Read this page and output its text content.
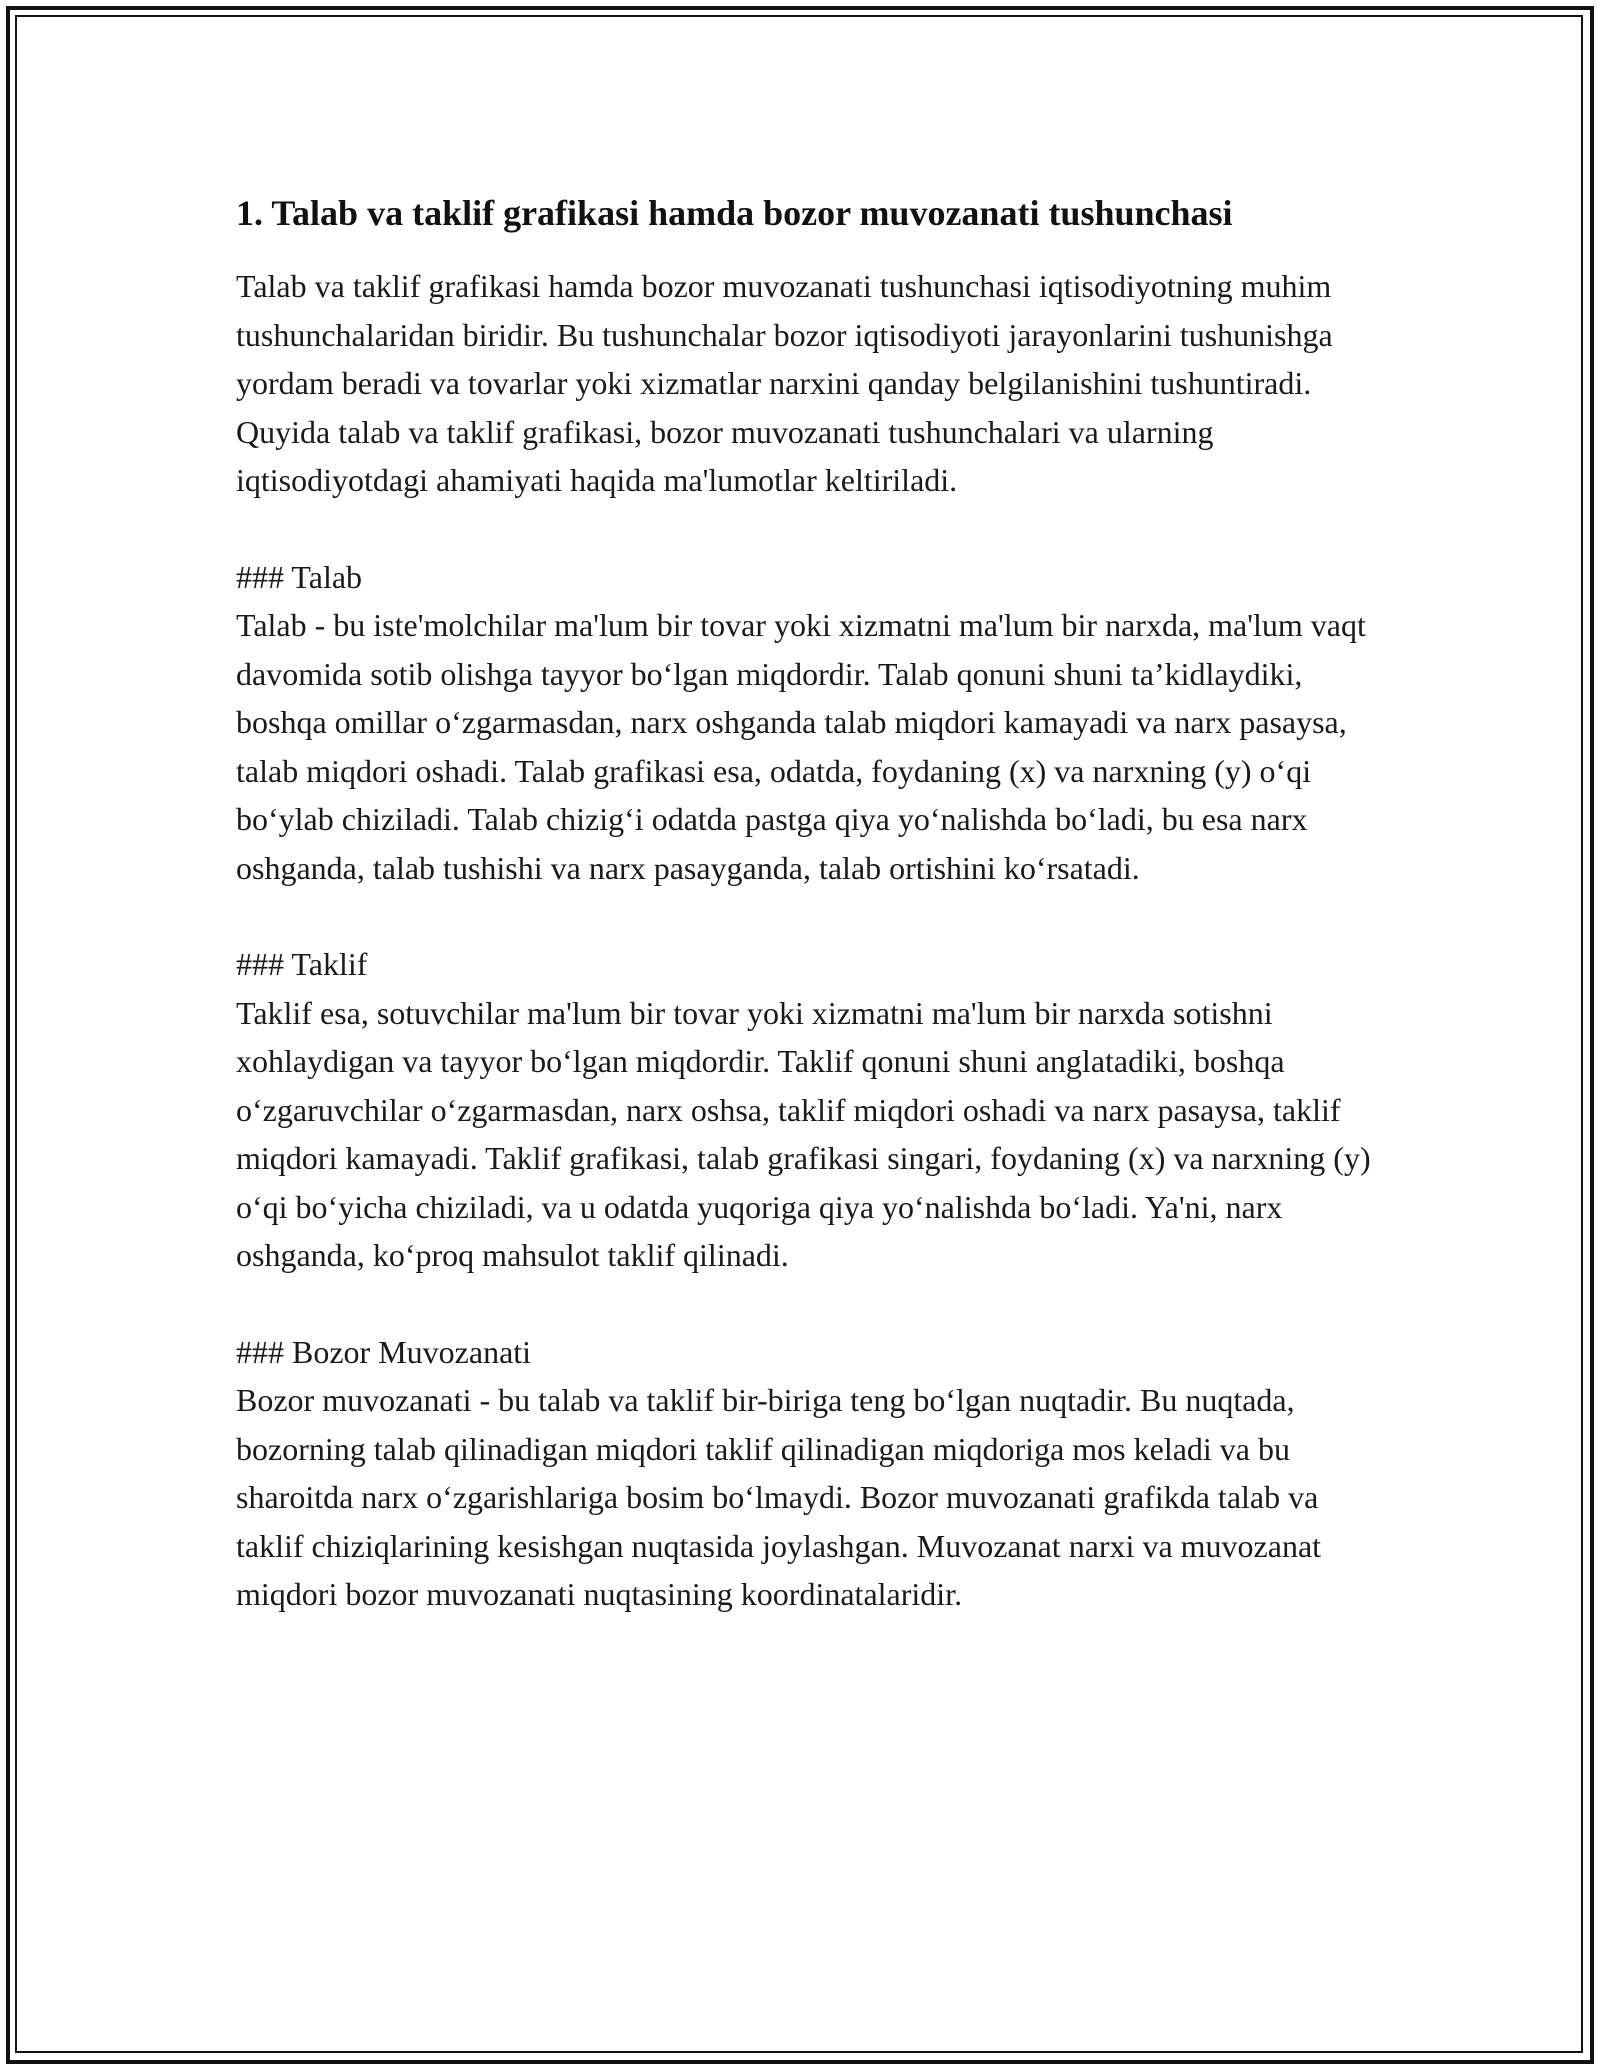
1. Talab va taklif grafikasi hamda bozor muvozanati tushunchasi

Talab va taklif grafikasi hamda bozor muvozanati tushunchasi iqtisodiyotning muhim tushunchalaridan biridir. Bu tushunchalar bozor iqtisodiyoti jarayonlarini tushunishga yordam beradi va tovarlar yoki xizmatlar narxini qanday belgilanishini tushuntiradi. Quyida talab va taklif grafikasi, bozor muvozanati tushunchalari va ularning iqtisodiyotdagi ahamiyati haqida ma'lumotlar keltiriladi.

### Talab

Talab - bu iste'molchilar ma'lum bir tovar yoki xizmatni ma'lum bir narxda, ma'lum vaqt davomida sotib olishga tayyor bo‘lgan miqdordir. Talab qonuni shuni ta’kidlaydiki, boshqa omillar o‘zgarmasdan, narx oshganda talab miqdori kamayadi va narx pasaysa, talab miqdori oshadi. Talab grafikasi esa, odatda, foydaning (x) va narxning (y) o‘qi bo‘ylab chiziladi. Talab chizig‘i odatda pastga qiya yo‘nalishda bo‘ladi, bu esa narx oshganda, talab tushishi va narx pasayganda, talab ortishini ko‘rsatadi.

### Taklif

Taklif esa, sotuvchilar ma'lum bir tovar yoki xizmatni ma'lum bir narxda sotishni xohlaydigan va tayyor bo‘lgan miqdordir. Taklif qonuni shuni anglatadiki, boshqa o‘zgaruvchilar o‘zgarmasdan, narx oshsa, taklif miqdori oshadi va narx pasaysa, taklif miqdori kamayadi. Taklif grafikasi, talab grafikasi singari, foydaning (x) va narxning (y) o‘qi bo‘yicha chiziladi, va u odatda yuqoriga qiya yo‘nalishda bo‘ladi. Ya'ni, narx oshganda, ko‘proq mahsulot taklif qilinadi.

### Bozor Muvozanati

Bozor muvozanati - bu talab va taklif bir-biriga teng bo‘lgan nuqtadir. Bu nuqtada, bozorning talab qilinadigan miqdori taklif qilinadigan miqdoriga mos keladi va bu sharoitda narx o‘zgarishlariga bosim bo‘lmaydi. Bozor muvozanati grafikda talab va taklif chiziqlarining kesishgan nuqtasida joylashgan. Muvozanat narxi va muvozanat miqdori bozor muvozanati nuqtasining koordinatalaridir.
